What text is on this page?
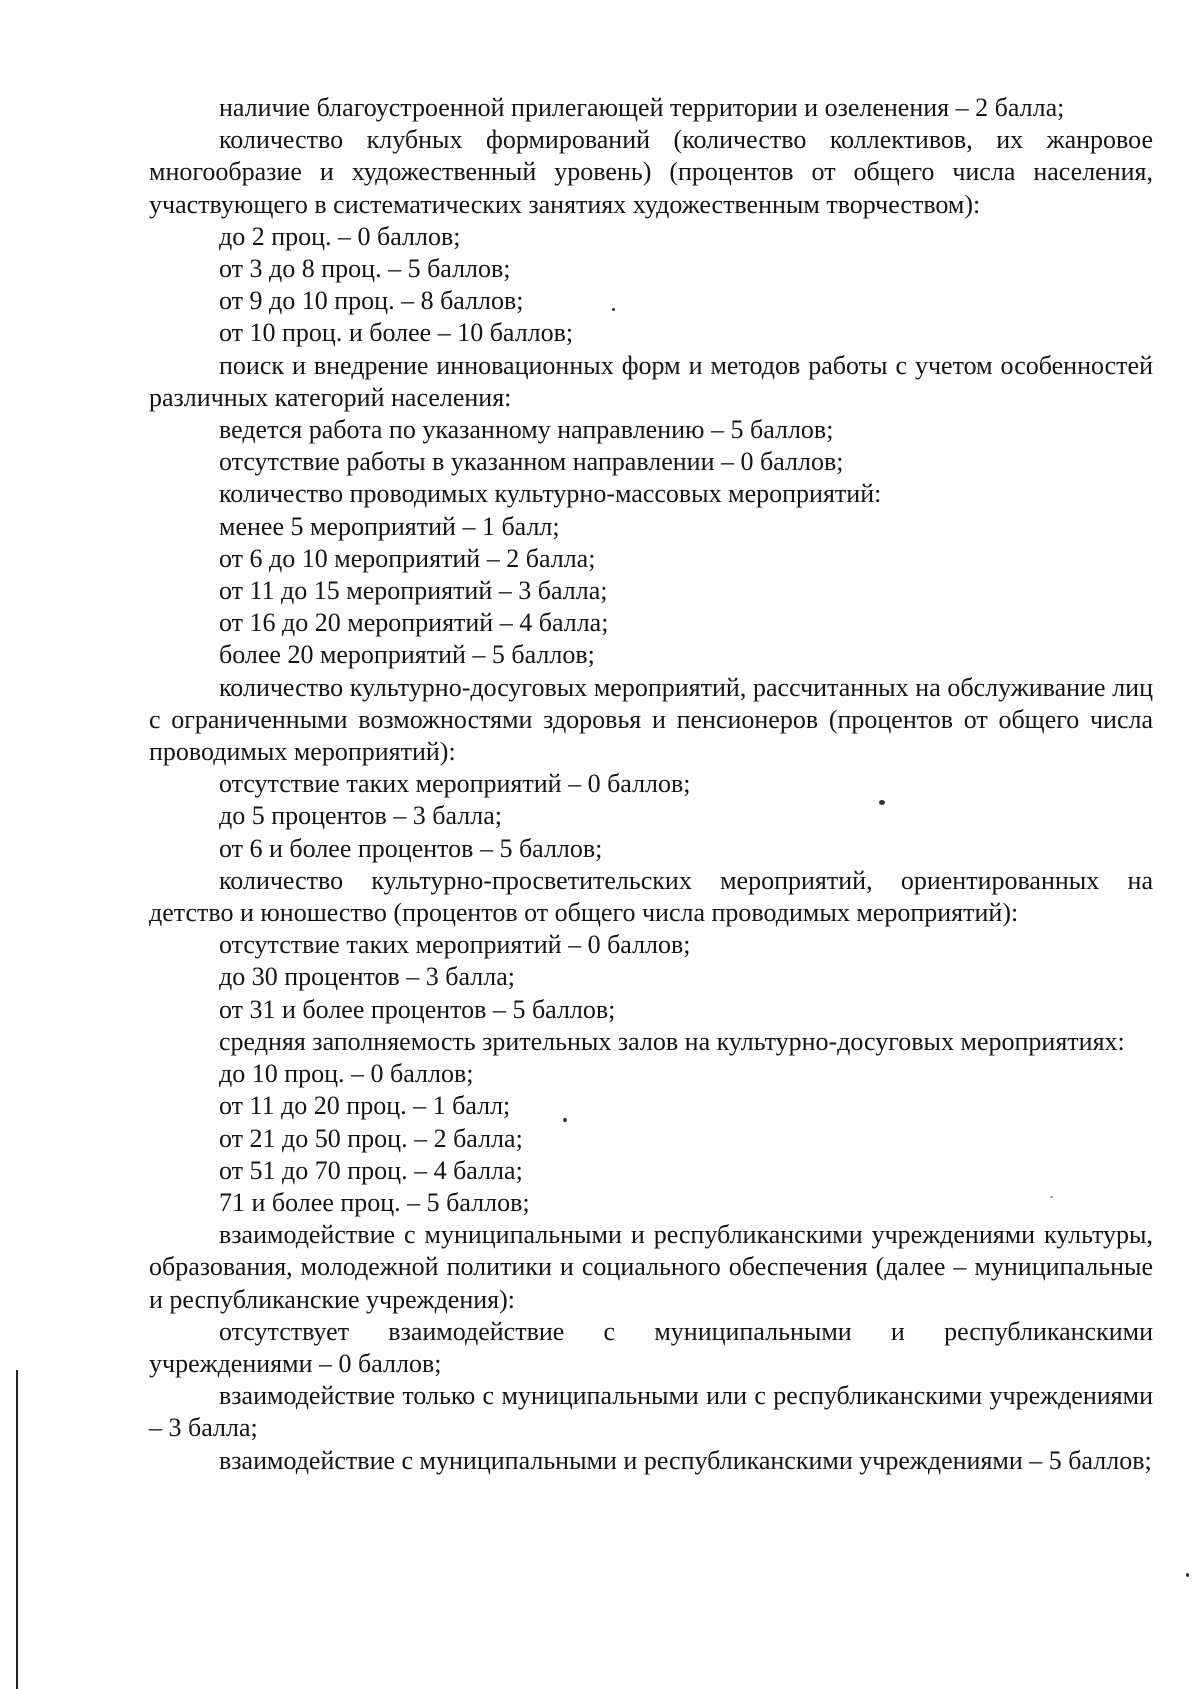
наличие благоустроенной прилегающей территории и озеленения – 2 балла;

количество клубных формирований (количество коллективов, их жанровое многообразие и художественный уровень) (процентов от общего числа населения, участвующего в систематических занятиях художественным творчеством):

до 2 проц. – 0 баллов;

от 3 до 8 проц. – 5 баллов;

от 9 до 10 проц. – 8 баллов;

от 10 проц. и более – 10 баллов;

поиск и внедрение инновационных форм и методов работы с учетом особенностей различных категорий населения:

ведется работа по указанному направлению – 5 баллов;

отсутствие работы в указанном направлении – 0 баллов;

количество проводимых культурно-массовых мероприятий:

менее 5 мероприятий – 1 балл;

от 6 до 10 мероприятий – 2 балла;

от 11 до 15 мероприятий – 3 балла;

от 16 до 20 мероприятий – 4 балла;

более 20 мероприятий – 5 баллов;

количество культурно-досуговых мероприятий, рассчитанных на обслуживание лиц с ограниченными возможностями здоровья и пенсионеров (процентов от общего числа проводимых мероприятий):

отсутствие таких мероприятий – 0 баллов;

до 5 процентов – 3 балла;

от 6 и более процентов – 5 баллов;

количество культурно-просветительских мероприятий, ориентированных на детство и юношество (процентов от общего числа проводимых мероприятий):

отсутствие таких мероприятий – 0 баллов;

до 30 процентов – 3 балла;

от 31 и более процентов – 5 баллов;

средняя заполняемость зрительных залов на культурно-досуговых мероприятиях:

до 10 проц. – 0 баллов;

от 11 до 20 проц. – 1 балл;

от 21 до 50 проц. – 2 балла;

от 51 до 70 проц. – 4 балла;

71 и более проц. – 5 баллов;

взаимодействие с муниципальными и республиканскими учреждениями культуры, образования, молодежной политики и социального обеспечения (далее – муниципальные и республиканские учреждения):

отсутствует взаимодействие с муниципальными и республиканскими учреждениями – 0 баллов;

взаимодействие только с муниципальными или с республиканскими учреждениями – 3 балла;

взаимодействие с муниципальными и республиканскими учреждениями – 5 баллов;
